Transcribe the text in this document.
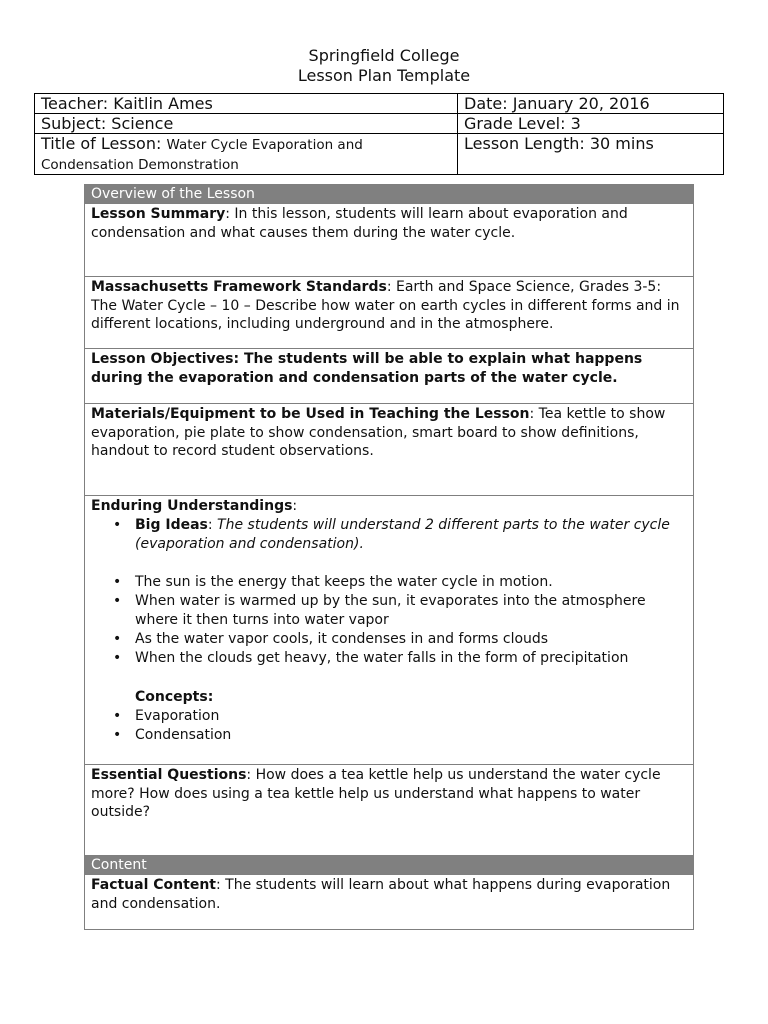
Springfield College
Lesson Plan Template
Teacher: Kaitlin Ames	Date: January 20, 2016
Subject: Science	Grade Level: 3
Title of Lesson: Water Cycle Evaporation and Condensation Demonstration	Lesson Length: 30 mins
Overview of the Lesson
Lesson Summary: In this lesson, students will learn about evaporation and condensation and what causes them during the water cycle.
Massachusetts Framework Standards: Earth and Space Science, Grades 3-5: The Water Cycle – 10 – Describe how water on earth cycles in different forms and in different locations, including underground and in the atmosphere.
Lesson Objectives: The students will be able to explain what happens during the evaporation and condensation parts of the water cycle.
Materials/Equipment to be Used in Teaching the Lesson: Tea kettle to show evaporation, pie plate to show condensation, smart board to show definitions, handout to record student observations.
Enduring Understandings:
• Big Ideas: The students will understand 2 different parts to the water cycle (evaporation and condensation).
• The sun is the energy that keeps the water cycle in motion.
• When water is warmed up by the sun, it evaporates into the atmosphere where it then turns into water vapor
• As the water vapor cools, it condenses in and forms clouds
• When the clouds get heavy, the water falls in the form of precipitation
Concepts:
• Evaporation
• Condensation
Essential Questions: How does a tea kettle help us understand the water cycle more? How does using a tea kettle help us understand what happens to water outside?
Content
Factual Content: The students will learn about what happens during evaporation and condensation.
